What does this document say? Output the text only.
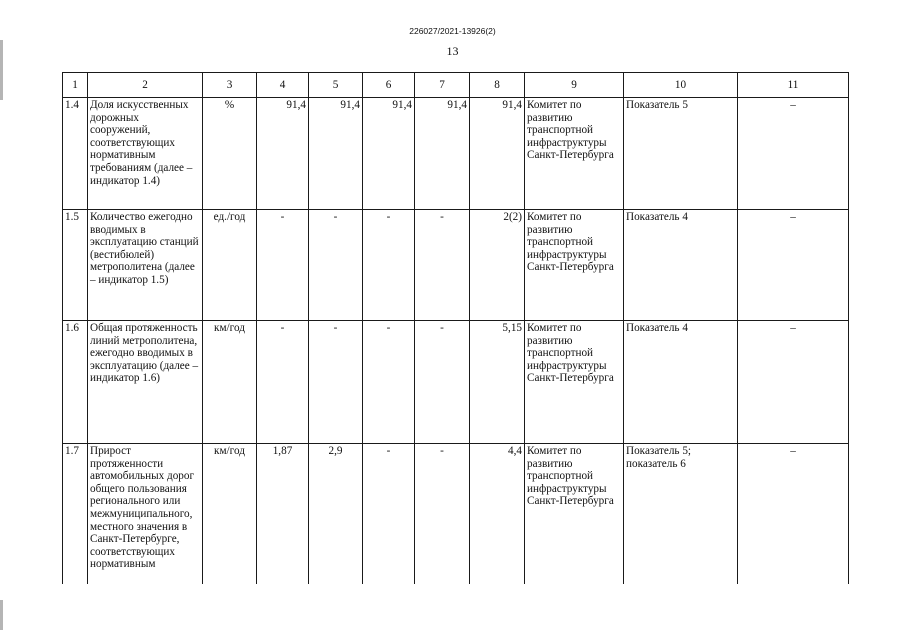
226027/2021-13926(2)
13
1	2	3	4	5	6	7	8	9	10	11
1.4	Доля искусственных дорожных сооружений, соответствующих нормативным требованиям (далее – индикатор 1.4)	%	91,4	91,4	91,4	91,4	91,4	Комитет по развитию транспортной инфраструктуры Санкт-Петербурга	Показатель 5	–
1.5	Количество ежегодно вводимых в эксплуатацию станций (вестибюлей) метрополитена (далее – индикатор 1.5)	ед./год	-	-	-	-	2(2)	Комитет по развитию транспортной инфраструктуры Санкт-Петербурга	Показатель 4	–
1.6	Общая протяженность линий метрополитена, ежегодно вводимых в эксплуатацию (далее – индикатор 1.6)	км/год	-	-	-	-	5,15	Комитет по развитию транспортной инфраструктуры Санкт-Петербурга	Показатель 4	–
1.7	Прирост протяженности автомобильных дорог общего пользования регионального или межмуниципального, местного значения в Санкт-Петербурге, соответствующих нормативным	км/год	1,87	2,9	-	-	4,4	Комитет по развитию транспортной инфраструктуры Санкт-Петербурга	Показатель 5; показатель 6	–
